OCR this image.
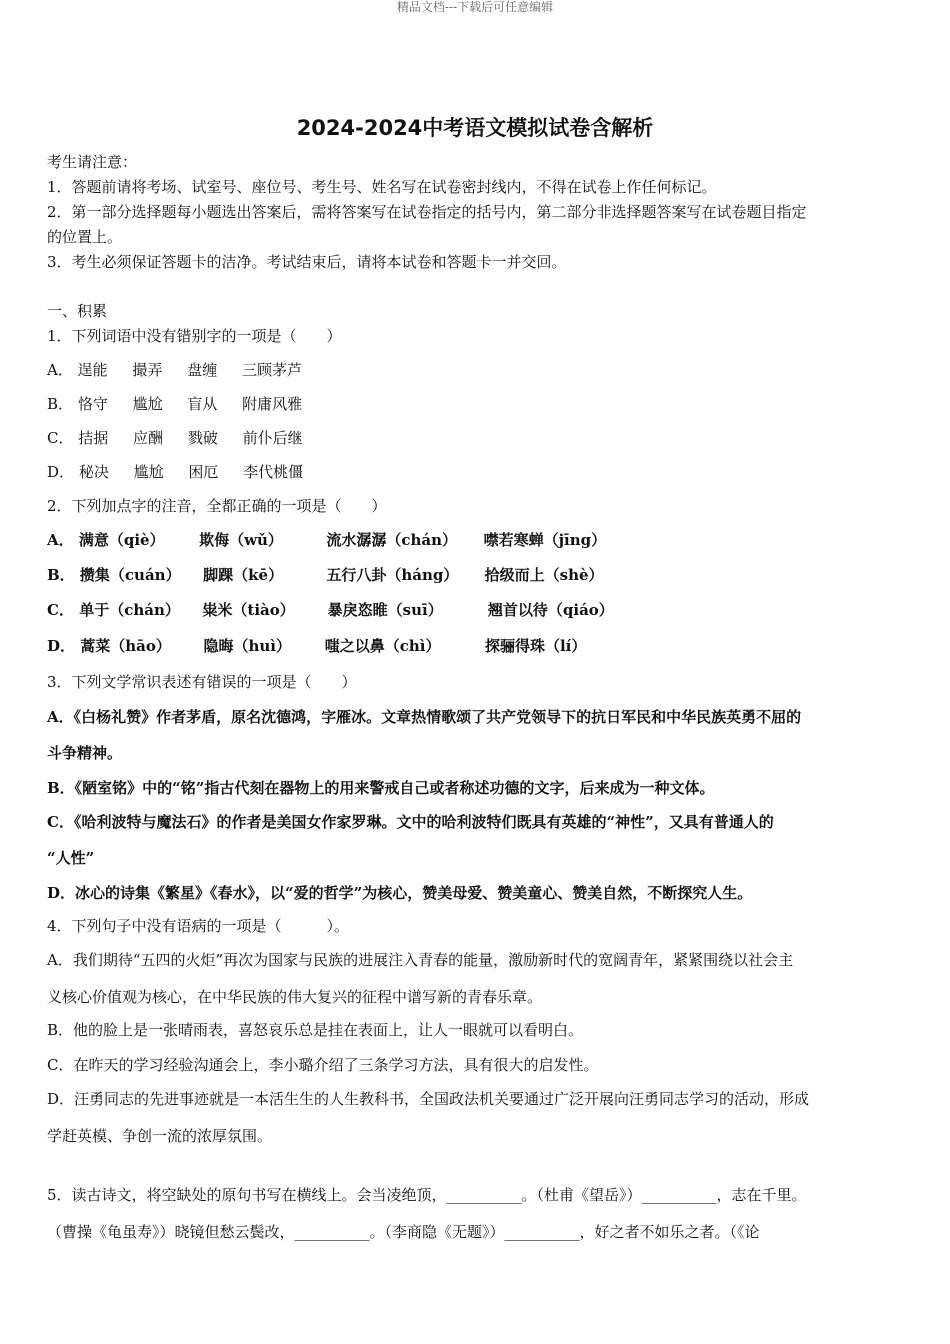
精品文档---下载后可任意编辑
2024-2024中考语文模拟试卷含解析
考生请注意：
1．答题前请将考场、试室号、座位号、考生号、姓名写在试卷密封线内，不得在试卷上作任何标记。
2．第一部分选择题每小题选出答案后，需将答案写在试卷指定的括号内，第二部分非选择题答案写在试卷题目指定
的位置上。
3．考生必须保证答题卡的洁净。考试结束后，请将本试卷和答题卡一并交回。
一、积累
1．下列词语中没有错别字的一项是（　　）
A． 逞能 撮弄 盘缠 三顾茅芦
B． 恪守 尴尬 盲从 附庸风雅
C． 拮据 应酬 戮破 前仆后继
D． 秘决 尴尬 困厄 李代桃僵
2．下列加点字的注音，全都正确的一项是（　　）
A． 满意（qiè） 欺侮（wǔ）	流水潺潺（chán） 噤若寒蝉（jīng）
B． 攒集（cuán） 脚踝（kē）	五行八卦（háng） 拾级而上（shè）
C． 单于（chán） 粜米（tiào） 暴戾恣睢（suī）	翘首以待（qiáo）
D． 蒿菜（hāo） 隐晦（huì） 嗤之以鼻（chì）	探骊得珠（lí）
3．下列文学常识表述有错误的一项是（　　）
A．《白杨礼赞》作者茅盾，原名沈德鸿，字雁冰。文章热情歌颂了共产党领导下的抗日军民和中华民族英勇不屈的
斗争精神。
B．《陋室铭》中的“铭”指古代刻在器物上的用来警戒自己或者称述功德的文字，后来成为一种文体。
C．《哈利波特与魔法石》的作者是美国女作家罗琳。文中的哈利波特们既具有英雄的“神性”，又具有普通人的
“人性”
D．冰心的诗集《繁星》《春水》，以“爱的哲学”为核心，赞美母爱、赞美童心、赞美自然，不断探究人生。
4．下列句子中没有语病的一项是（　　　）。
A．我们期待“五四的火炬”再次为国家与民族的进展注入青春的能量，激励新时代的宽阔青年，紧紧围绕以社会主
义核心价值观为核心，在中华民族的伟大复兴的征程中谱写新的青春乐章。
B．他的脸上是一张晴雨表，喜怒哀乐总是挂在表面上，让人一眼就可以看明白。
C．在昨天的学习经验沟通会上，李小璐介绍了三条学习方法，具有很大的启发性。
D．汪勇同志的先进事迹就是一本活生生的人生教科书，全国政法机关要通过广泛开展向汪勇同志学习的活动，形成
学赶英模、争创一流的浓厚氛围。
5．读古诗文，将空缺处的原句书写在横线上。会当凌绝顶，__________。（杜甫《望岳》）__________，志在千里。
（曹操《龟虽寿》）晓镜但愁云鬓改，__________。（李商隐《无题》）__________，好之者不如乐之者。（《论
